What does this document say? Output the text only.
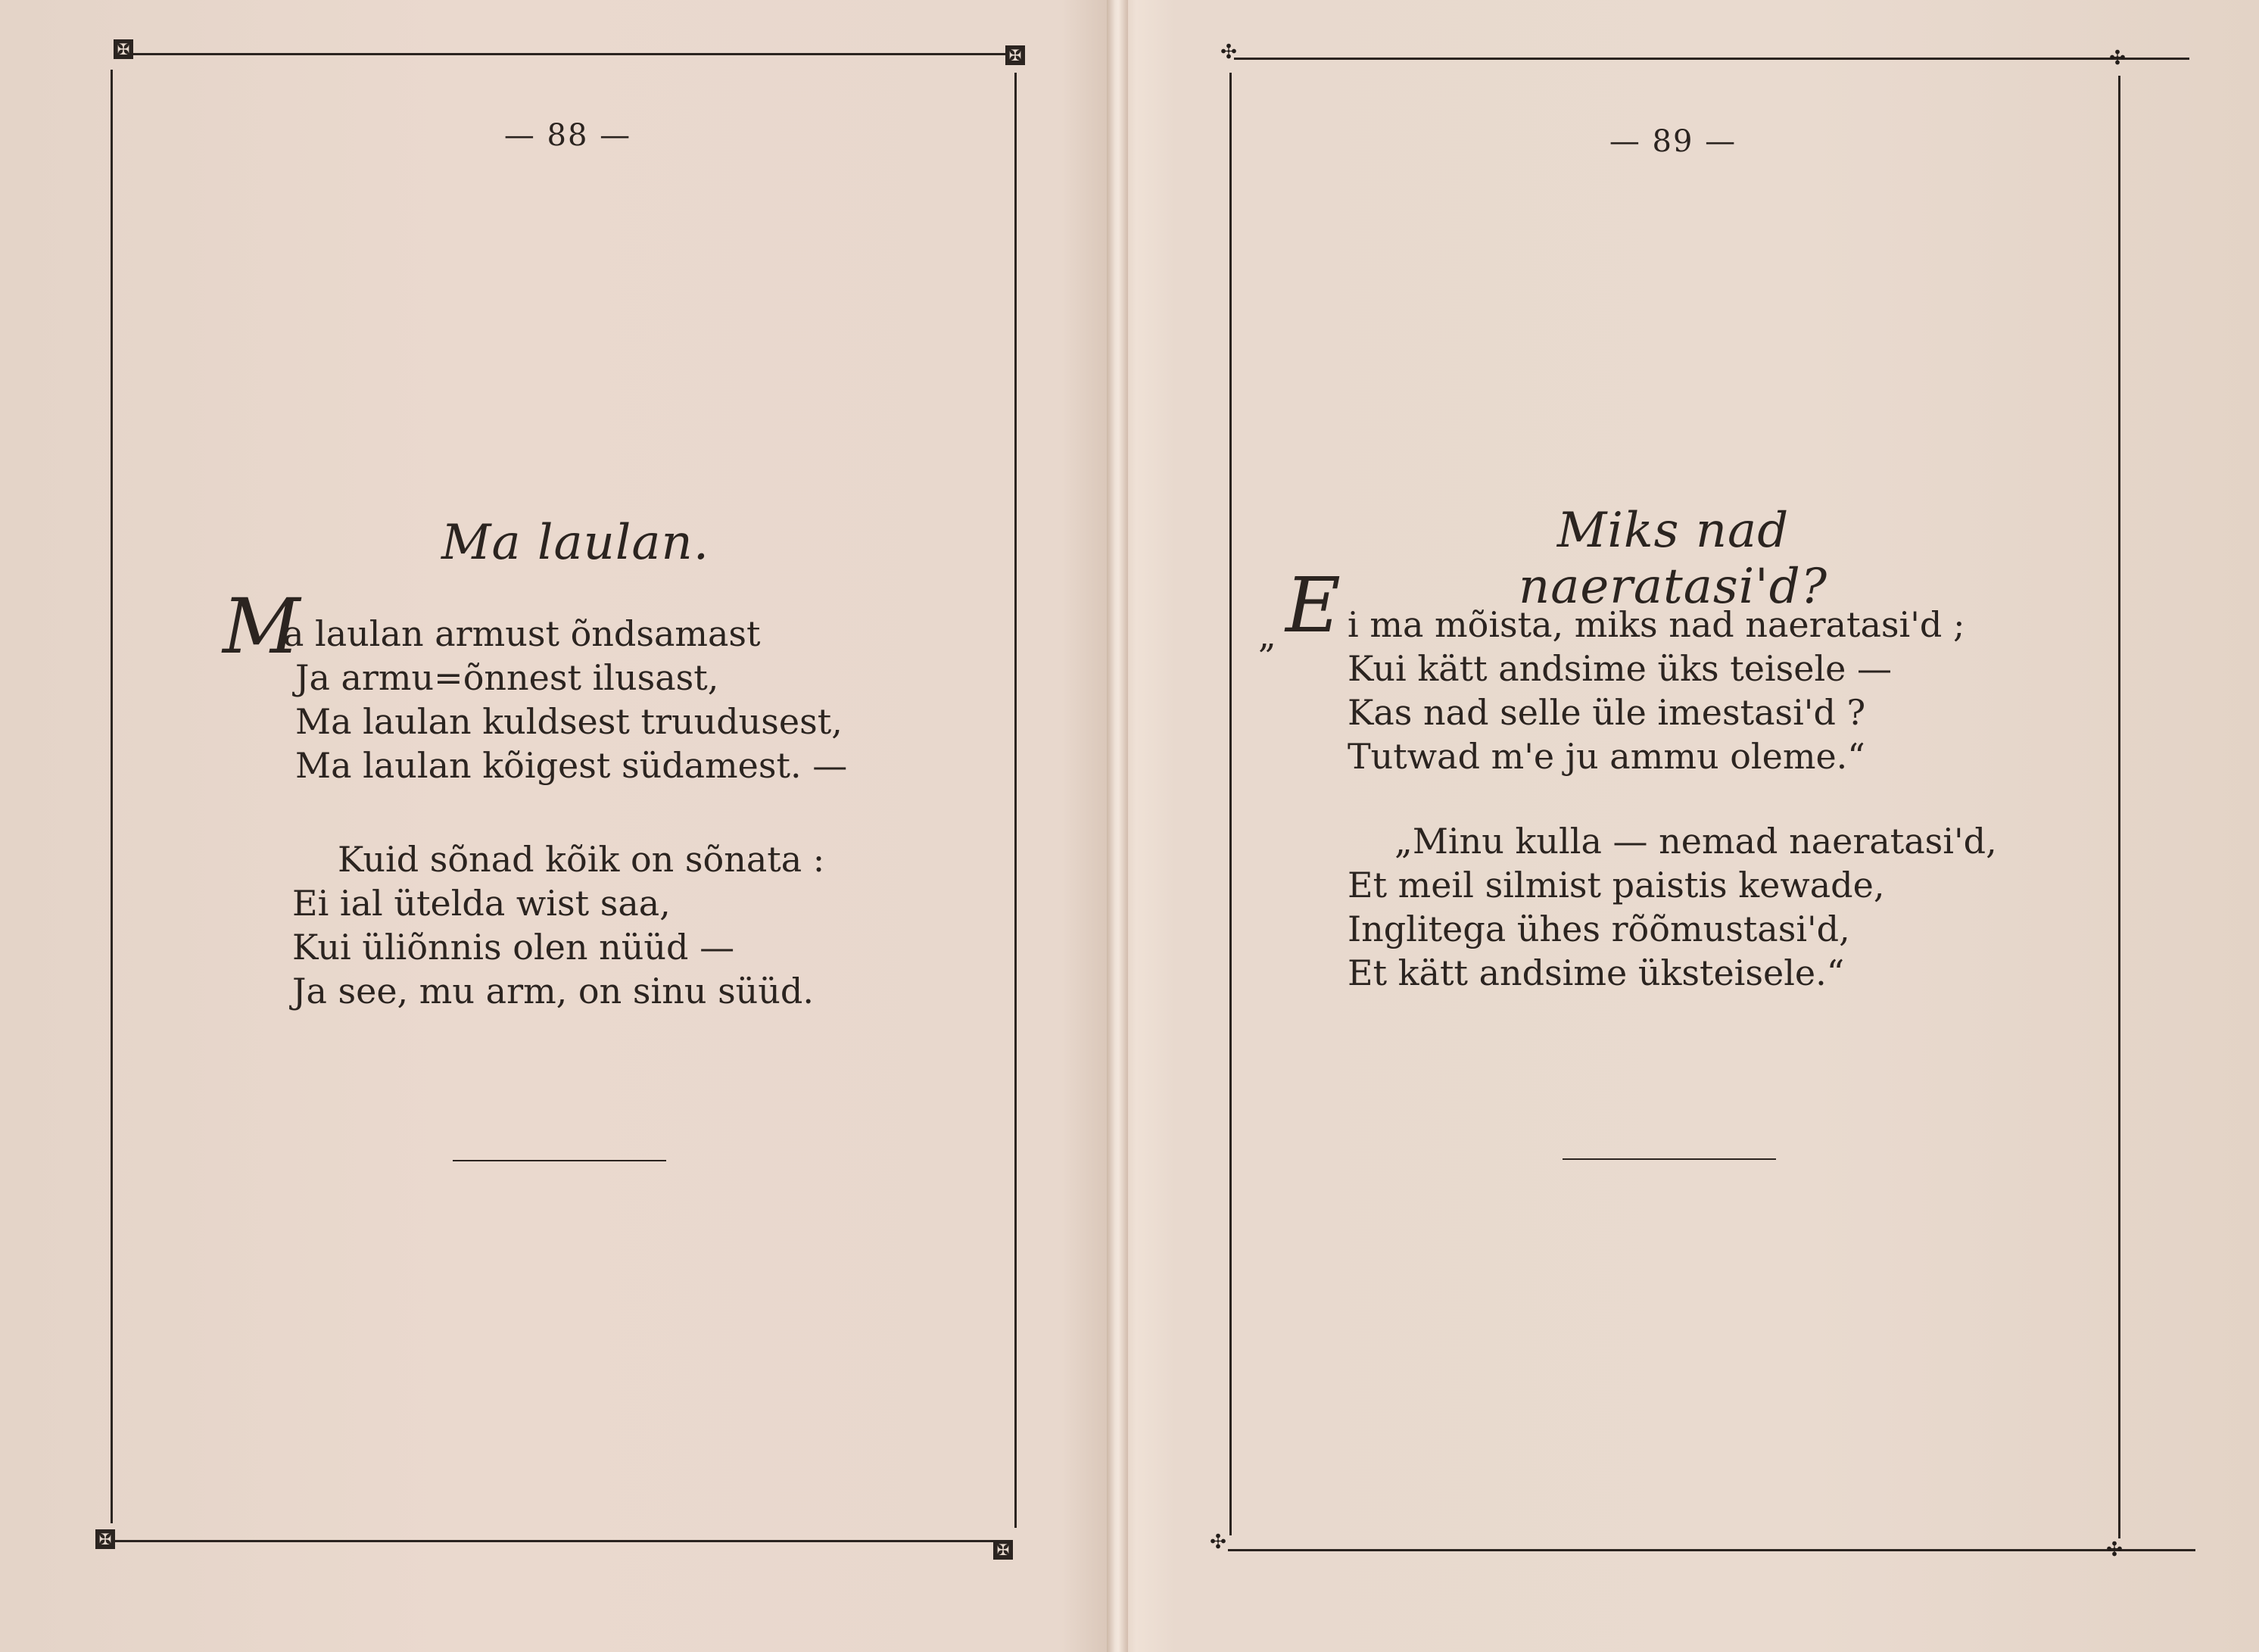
✠	✠
✠
✠
— 88 —
Ma laulan.
M
a laulan armust õndsamast
Ja armu=õnnest ilusast,
Ma laulan kuldsest truudusest,
Ma laulan kõigest südamest. —
Kuid sõnad kõik on sõnata :
Ei ial ütelda wist saa,
Kui üliõnnis olen nüüd —
Ja see, mu arm, on sinu süüd.
✣	✣
✣	✣
— 89 —
Miks nad naeratasi'd?
„ E i ma mõista, miks nad naeratasi'd ;
Kui kätt andsime üks teisele —
Kas nad selle üle imestasi'd ?
Tutwad m'e ju ammu oleme.“
„Minu kulla — nemad naeratasi'd,
Et meil silmist paistis kewade,
Inglitega ühes rõõmustasi'd,
Et kätt andsime üksteisele.“
